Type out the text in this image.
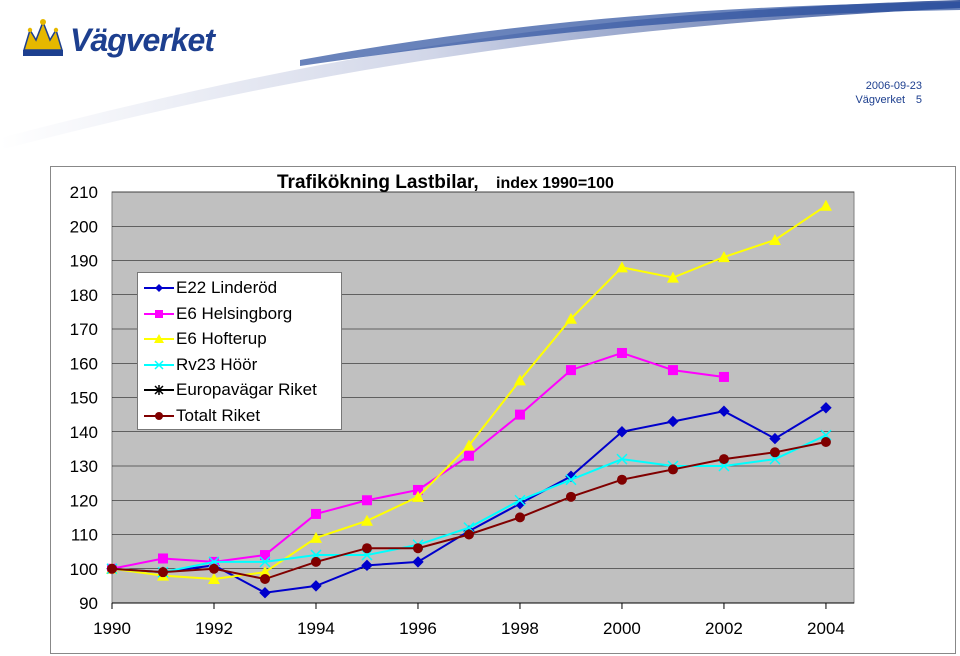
Vägverket
2006-09-23
Vägverket 5
90
100
110
120
130
140
150
160
170
180
190
200
210
1990	1992	1994	1996	1998	2000	2002	2004
Trafikökning Lastbilar, index 1990=100
E22 Linderöd
E6 Helsingborg
E6 Hofterup
Rv23 Höör
Europavägar Riket
Totalt Riket
